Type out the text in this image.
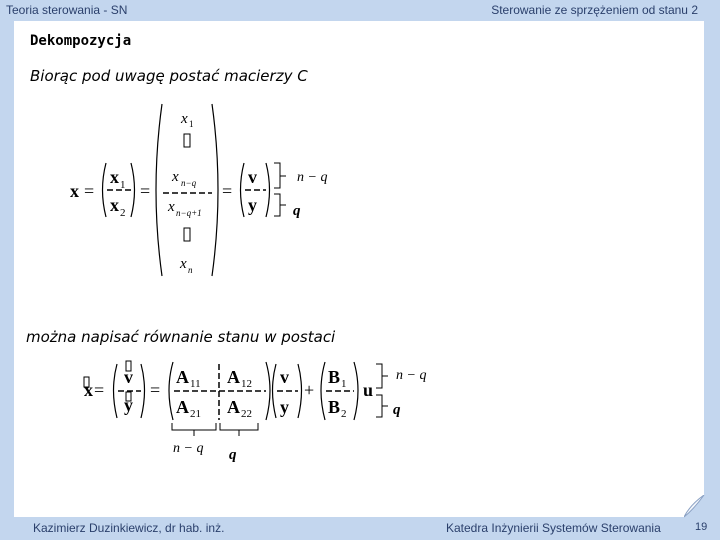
Teoria sterowania - SN	Sterowanie ze sprzężeniem od stanu 2
Dekompozycja
Biorąc pod uwagę postać macierzy C
można napisać równanie stanu w postaci
x =
x 1
x 2
=
x 1
x n−q
x n−q+1
x n
=
v
y
n − q
q
x =
v
y
=
A 11 A 12
A 21 A 22
v
y
+
B 1
B 2
u
n − q
q
n − q q
Kazimierz Duzinkiewicz, dr hab. inż.	Katedra Inżynierii Systemów Sterowania	19
